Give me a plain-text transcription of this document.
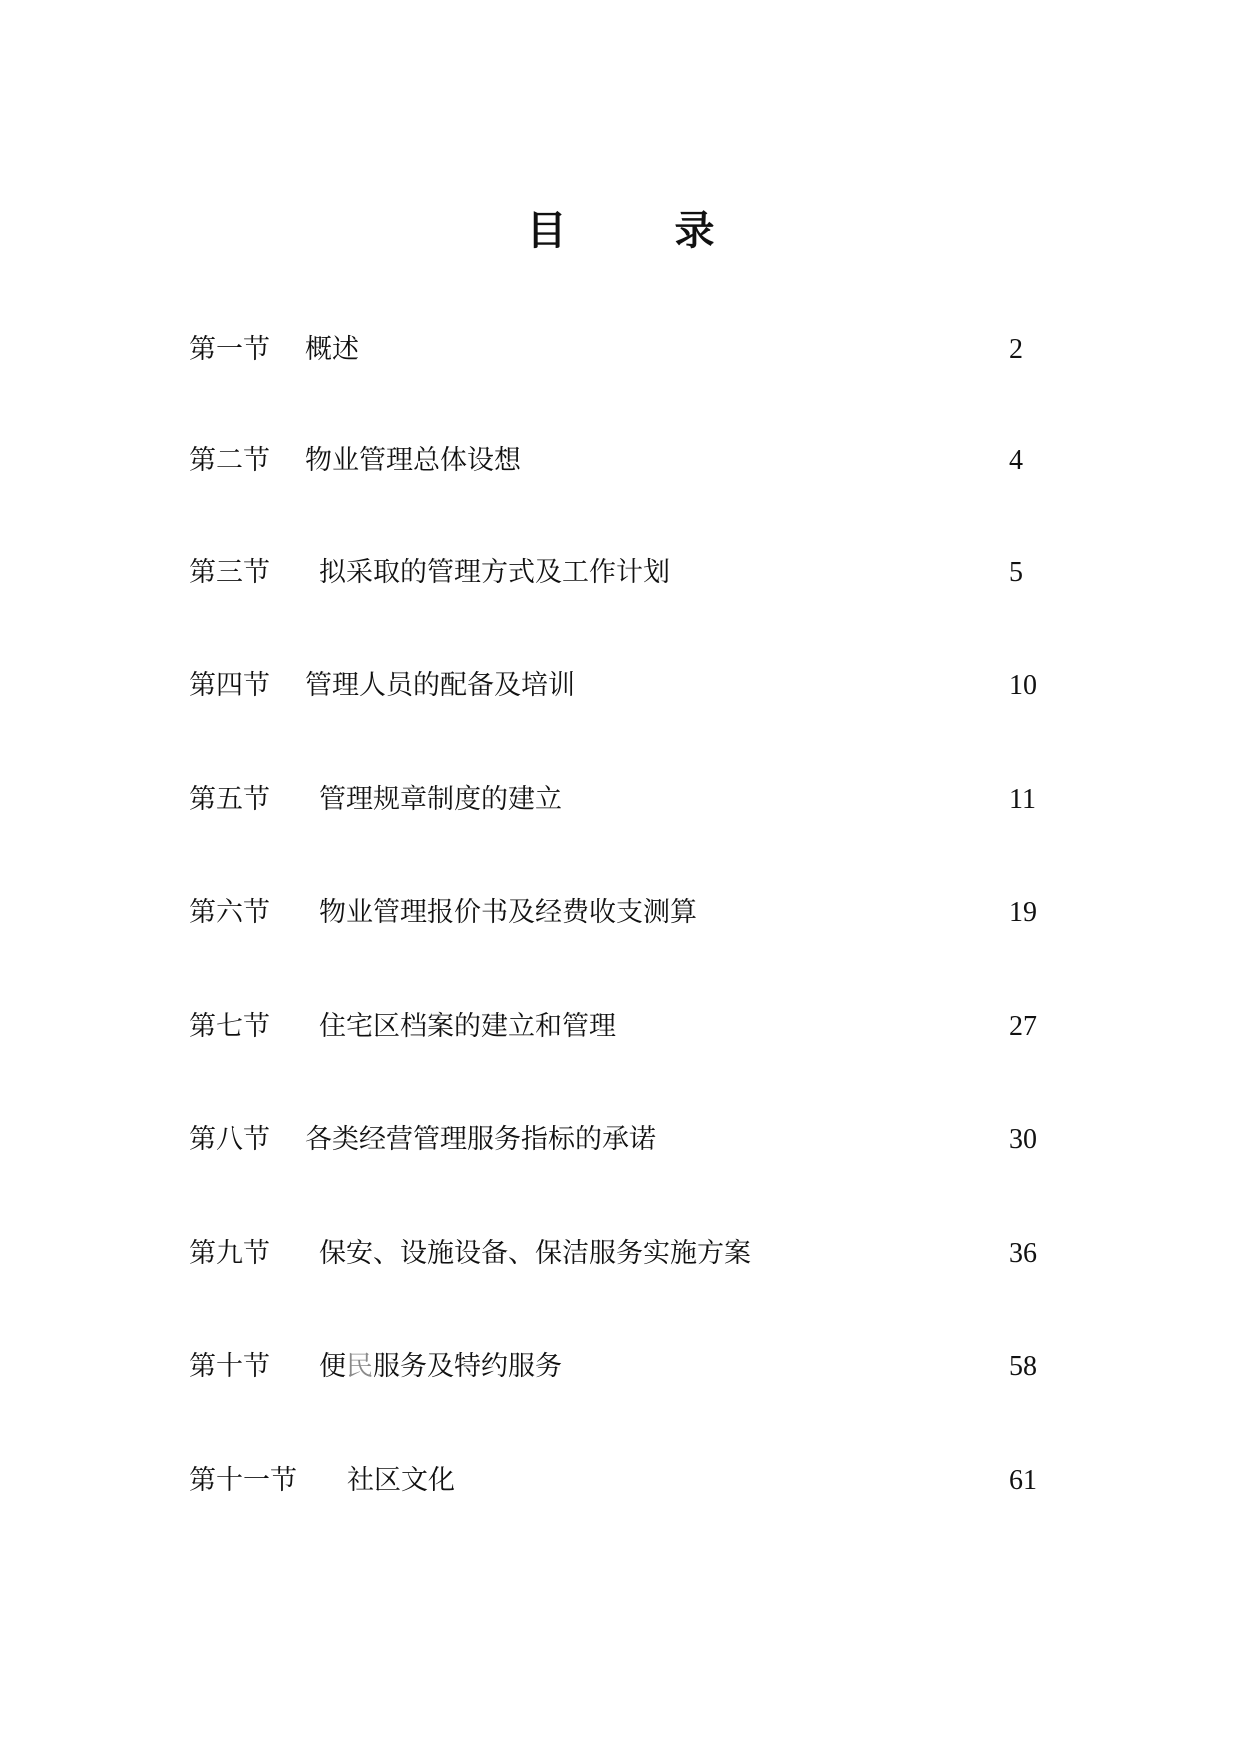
目	录
第一节 概述	2
第二节 物业管理总体设想	4
第三节 拟采取的管理方式及工作计划	5
第四节 管理人员的配备及培训	10
第五节 管理规章制度的建立	11
第六节 物业管理报价书及经费收支测算	19
第七节 住宅区档案的建立和管理	27
第八节 各类经营管理服务指标的承诺	30
第九节 保安、设施设备、保洁服务实施方案	36
第十节 便民服务及特约服务	58
第十一节 社区文化	61
